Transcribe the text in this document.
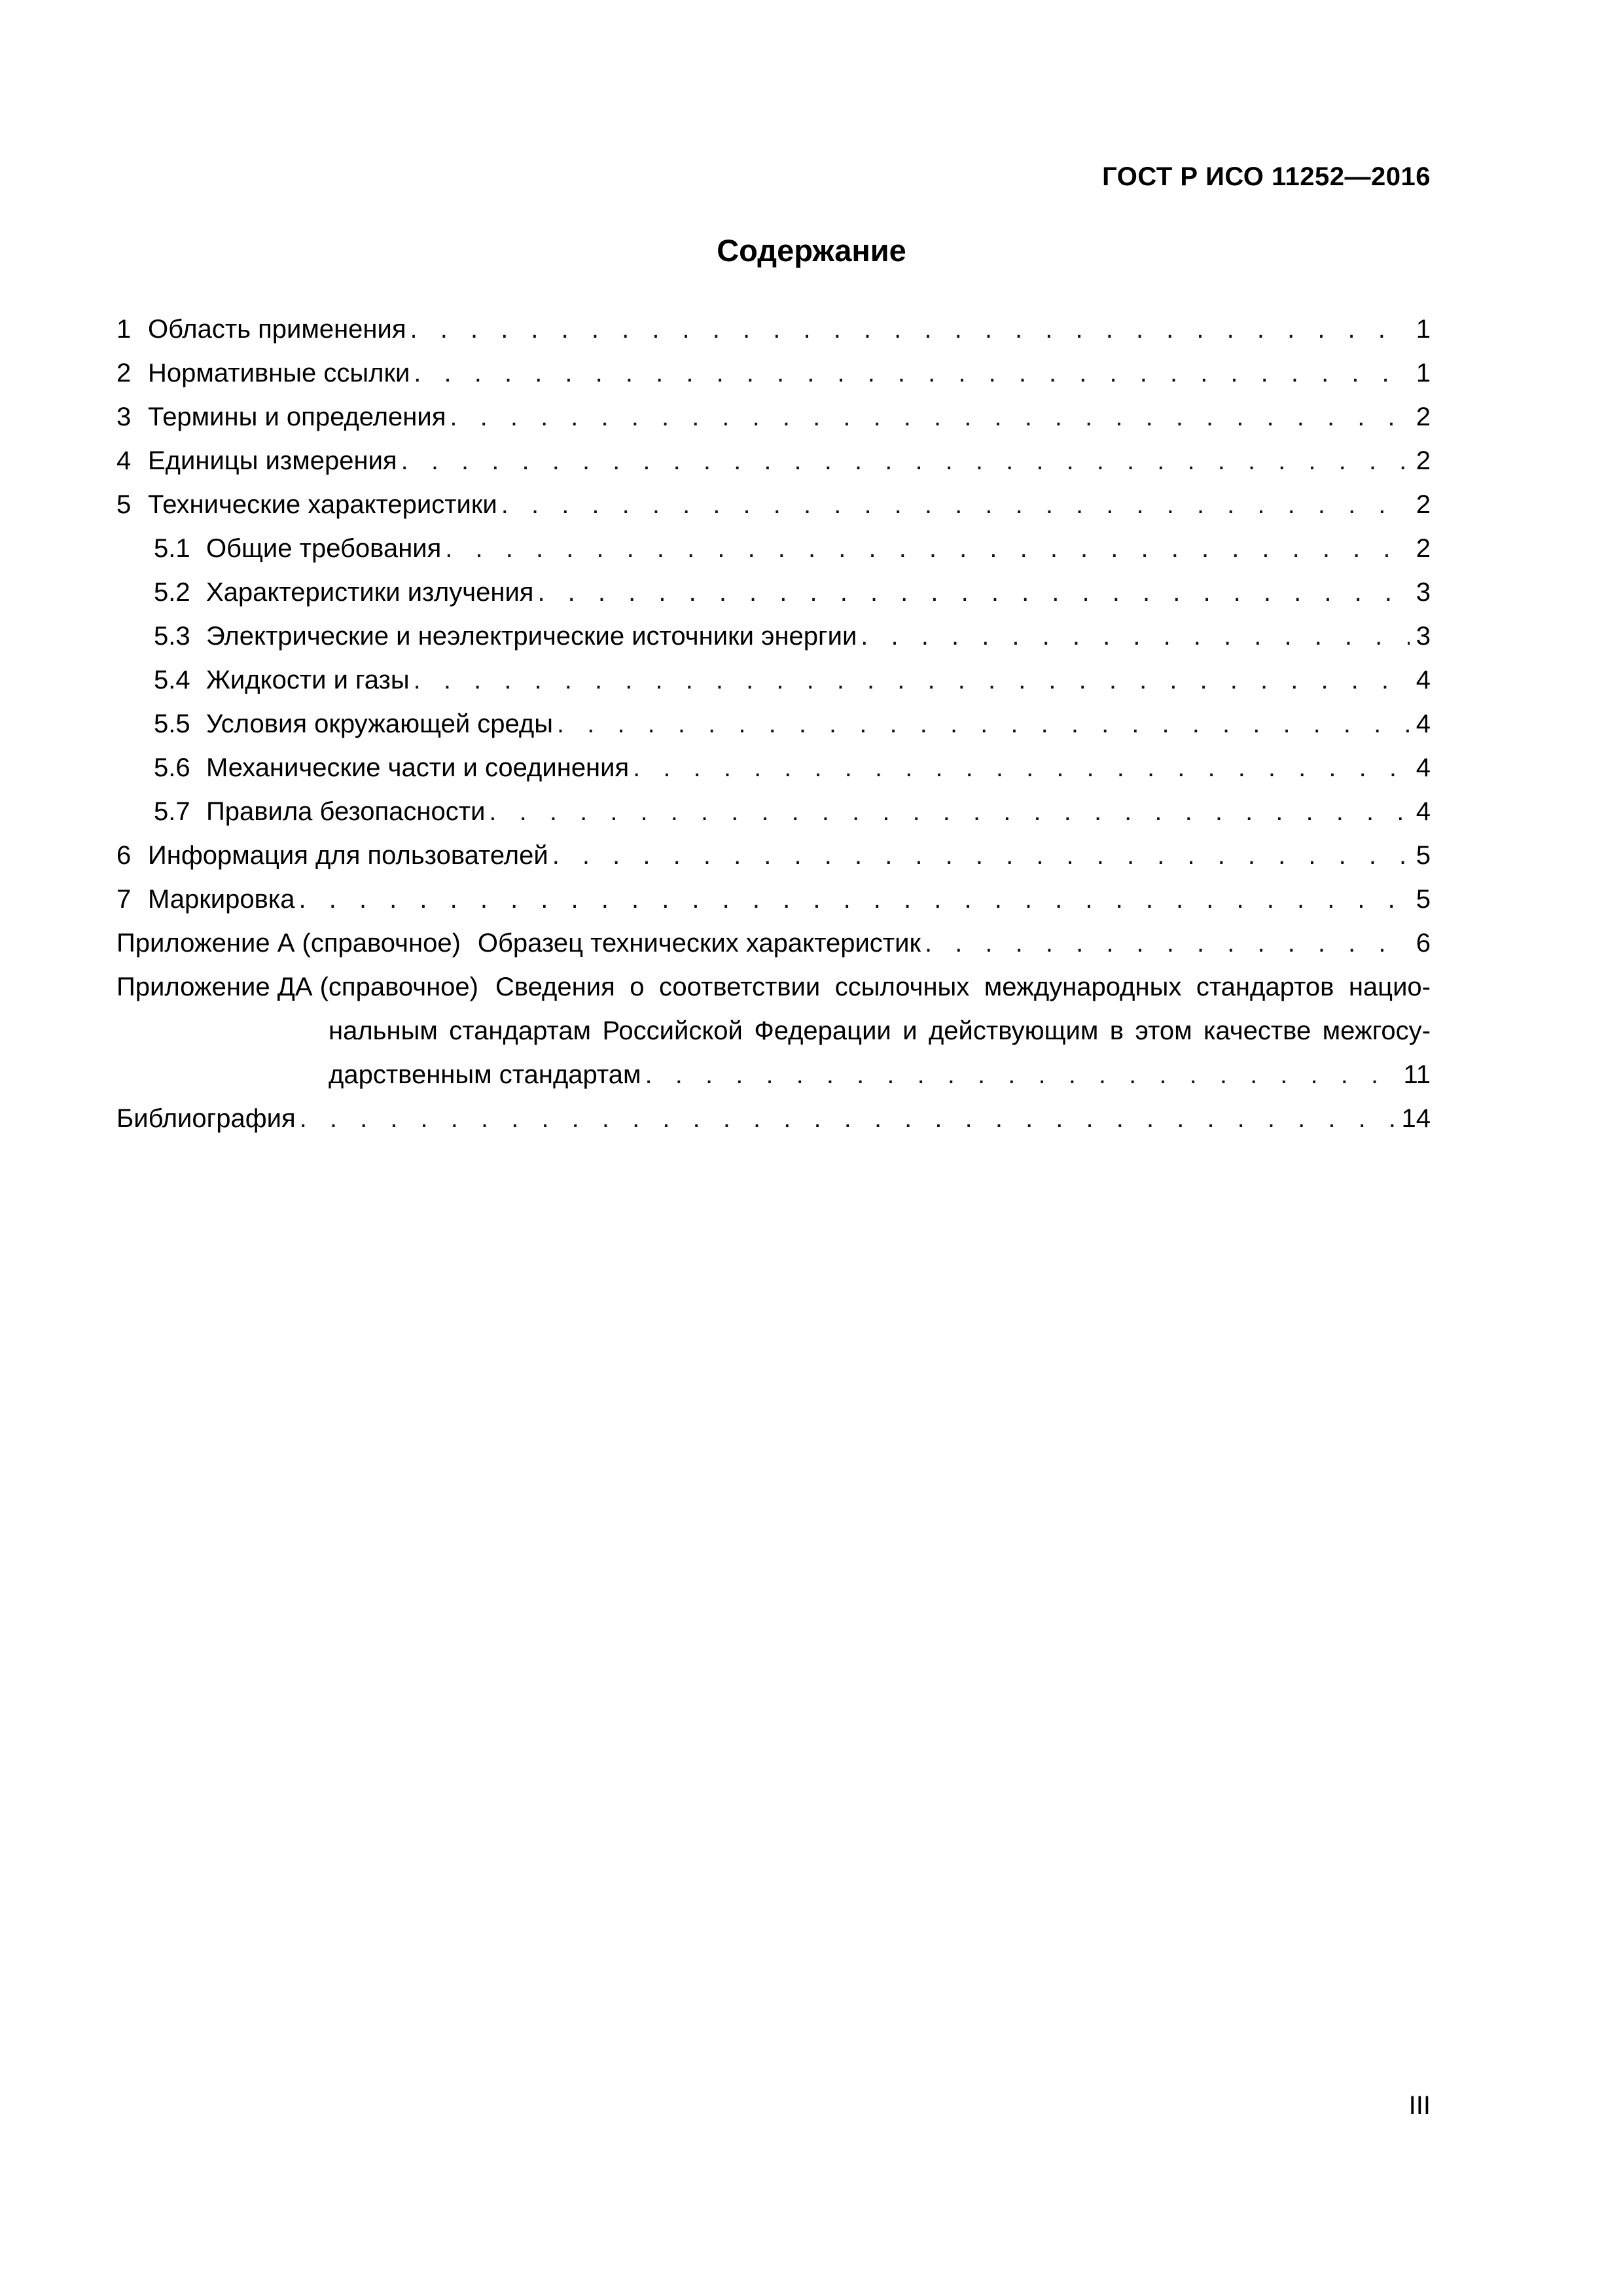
ГОСТ Р ИСО 11252—2016
Содержание
1 Область применения . . .	1
2 Нормативные ссылки . . .	1
3 Термины и определения . . .	2
4 Единицы измерения . . .	2
5 Технические характеристики . . .	2
5.1 Общие требования . . .	2
5.2 Характеристики излучения . . .	3
5.3 Электрические и неэлектрические источники энергии . . .	3
5.4 Жидкости и газы . . .	4
5.5 Условия окружающей среды . . .	4
5.6 Механические части и соединения . . .	4
5.7 Правила безопасности . . .	4
6 Информация для пользователей . . .	5
7 Маркировка . . .	5
Приложение А (справочное) Образец технических характеристик . . .	6
Приложение ДА (справочное) Сведения о соответствии ссылочных международных стандартов нацио-
нальным стандартам Российской Федерации и действующим в этом качестве межгосу-
дарственным стандартам . . .	11
Библиография . . .	14
III
